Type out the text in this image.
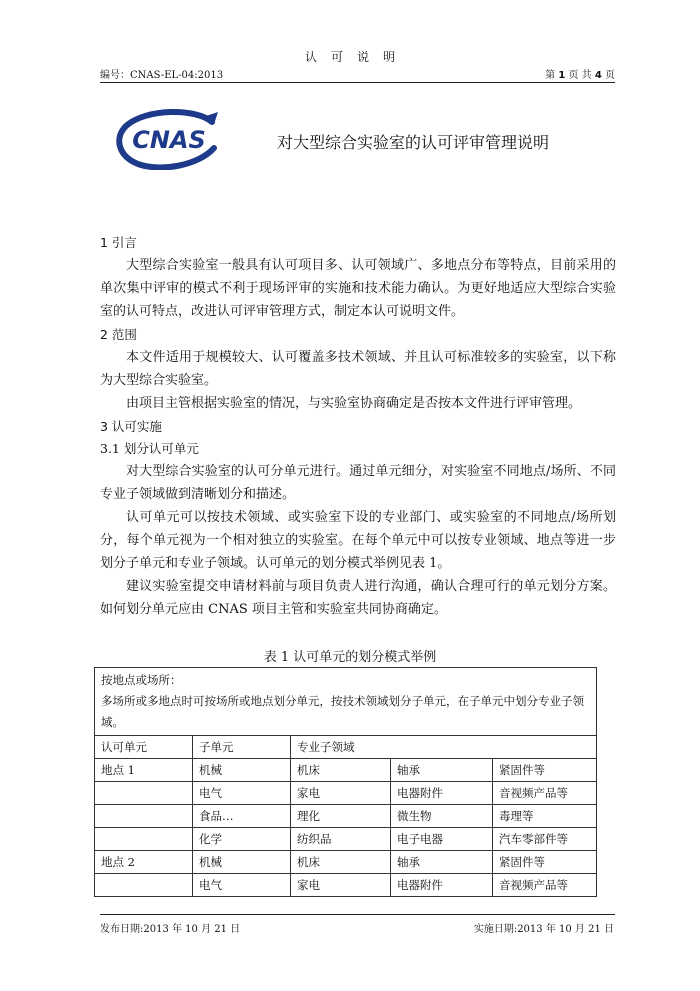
认可说明
编号：CNAS-EL-04:2013	第 1 页 共 4 页
CNAS	对大型综合实验室的认可评审管理说明
1 引言
大型综合实验室一般具有认可项目多、认可领域广、多地点分布等特点，目前采用的单次集中评审的模式不利于现场评审的实施和技术能力确认。为更好地适应大型综合实验室的认可特点，改进认可评审管理方式，制定本认可说明文件。
2 范围
本文件适用于规模较大、认可覆盖多技术领域、并且认可标准较多的实验室，以下称为大型综合实验室。
由项目主管根据实验室的情况，与实验室协商确定是否按本文件进行评审管理。
3 认可实施
3.1 划分认可单元
对大型综合实验室的认可分单元进行。通过单元细分，对实验室不同地点/场所、不同专业子领域做到清晰划分和描述。
认可单元可以按技术领域、或实验室下设的专业部门、或实验室的不同地点/场所划分，每个单元视为一个相对独立的实验室。在每个单元中可以按专业领域、地点等进一步划分子单元和专业子领域。认可单元的划分模式举例见表 1。
建议实验室提交申请材料前与项目负责人进行沟通，确认合理可行的单元划分方案。如何划分单元应由 CNAS 项目主管和实验室共同协商确定。
表 1 认可单元的划分模式举例
按地点或场所：
多场所或多地点时可按场所或地点划分单元，按技术领域划分子单元，在子单元中划分专业子领域。				

认可单元	子单元	专业子领域		
地点 1	机械	机床	轴承	紧固件等
	电气	家电	电器附件	音视频产品等
	食品…	理化	微生物	毒理等
	化学	纺织品	电子电器	汽车零部件等
地点 2	机械	机床	轴承	紧固件等
	电气	家电	电器附件	音视频产品等
发布日期:2013 年 10 月 21 日	实施日期:2013 年 10 月 21 日
